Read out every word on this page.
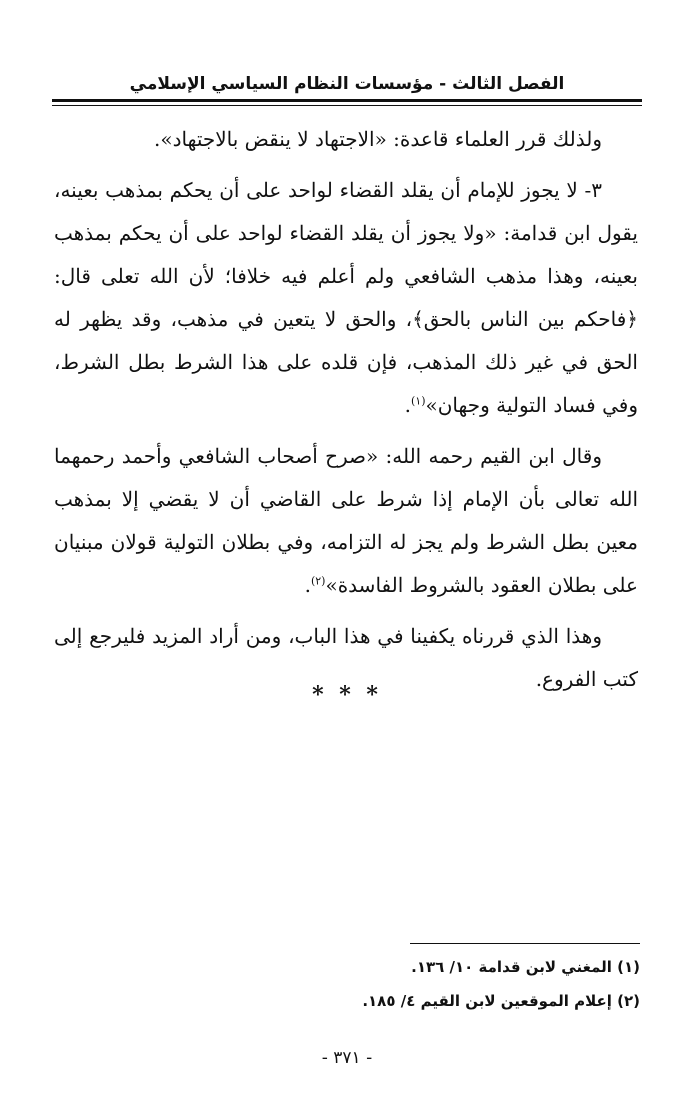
الفصل الثالث - مؤسسات النظام السياسي الإسلامي

ولذلك قرر العلماء قاعدة: «الاجتهاد لا ينقض بالاجتهاد».

٣- لا يجوز للإمام أن يقلد القضاء لواحد على أن يحكم بمذهب بعينه، يقول ابن قدامة: «ولا يجوز أن يقلد القضاء لواحد على أن يحكم بمذهب بعينه، وهذا مذهب الشافعي ولم أعلم فيه خلافا؛ لأن الله تعلى قال: ﴿فاحكم بين الناس بالحق﴾، والحق لا يتعين في مذهب، وقد يظهر له الحق في غير ذلك المذهب، فإن قلده على هذا الشرط بطل الشرط، وفي فساد التولية وجهان»$^{(١)}$.

وقال ابن القيم رحمه الله: «صرح أصحاب الشافعي وأحمد رحمهما الله تعالى بأن الإمام إذا شرط على القاضي أن لا يقضي إلا بمذهب معين بطل الشرط ولم يجز له التزامه، وفي بطلان التولية قولان مبنيان على بطلان العقود بالشروط الفاسدة»$^{(٢)}$.

وهذا الذي قررناه يكفينا في هذا الباب، ومن أراد المزيد فليرجع إلى كتب الفروع.

* * *
(١) المغني لابن قدامة ١٠/ ١٣٦.
(٢) إعلام الموقعين لابن القيم ٤/ ١٨٥.
- ٣٧١ -
